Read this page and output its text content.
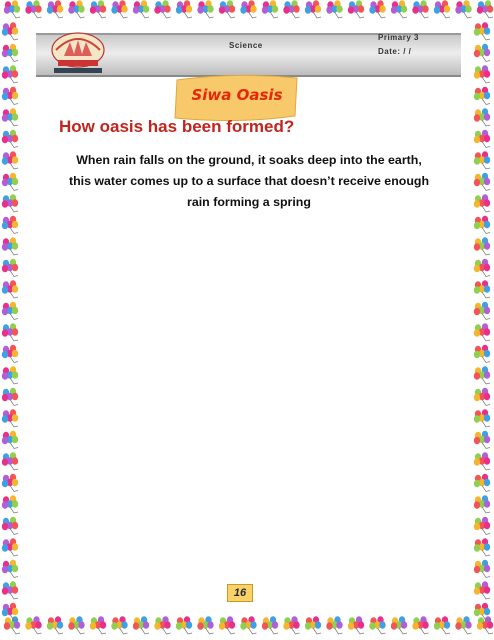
Science
Primary 3
Date: / /
Siwa Oasis
How oasis has been formed?
When rain falls on the ground, it soaks deep into the earth,
this water comes up to a surface that doesn’t receive enough
rain forming a spring
16
